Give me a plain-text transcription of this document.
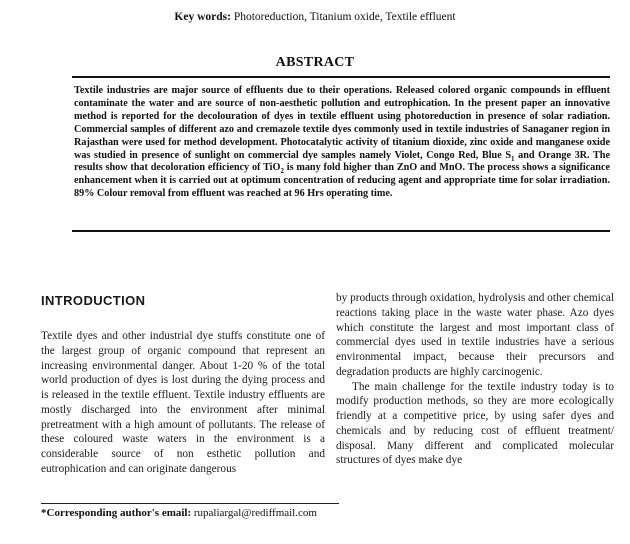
Key words: Photoreduction, Titanium oxide, Textile effluent
ABSTRACT
Textile industries are major source of effluents due to their operations. Released colored organic compounds in effluent contaminate the water and are source of non-aesthetic pollution and eutrophication. In the present paper an innovative method is reported for the decolouration of dyes in textile effluent using photoreduction in presence of solar radiation. Commercial samples of different azo and cremazole textile dyes commonly used in textile industries of Sanaganer region in Rajasthan were used for method development. Photocatalytic activity of titanium dioxide, zinc oxide and manganese oxide was studied in presence of sunlight on commercial dye samples namely Violet, Congo Red, Blue $S_1$ and Orange 3R. The results show that decoloration efficiency of TiO$_2$ is many fold higher than ZnO and MnO. The process shows a significance enhancement when it is carried out at optimum concentration of reducing agent and appropriate time for solar irradiation. 89% Colour removal from effluent was reached at 96 Hrs operating time.
INTRODUCTION

Textile dyes and other industrial dye stuffs constitute one of the largest group of organic compound that represent an increasing environmental danger. About 1-20 % of the total world production of dyes is lost during the dying process and is released in the textile effluent. Textile industry effluents are mostly discharged into the environment after minimal pretreatment with a high amount of pollutants. The release of these coloured waste waters in the environment is a considerable source of non esthetic pollution and eutrophication and can originate dangerous

by products through oxidation, hydrolysis and other chemical reactions taking place in the waste water phase. Azo dyes which constitute the largest and most important class of commercial dyes used in textile industries have a serious environmental impact, because their precursors and degradation products are highly carcinogenic.

The main challenge for the textile industry today is to modify production methods, so they are more ecologically friendly at a competitive price, by using safer dyes and chemicals and by reducing cost of effluent treatment/ disposal. Many different and complicated molecular structures of dyes make dye

*Corresponding author's email: rupaliargal@rediffmail.com
